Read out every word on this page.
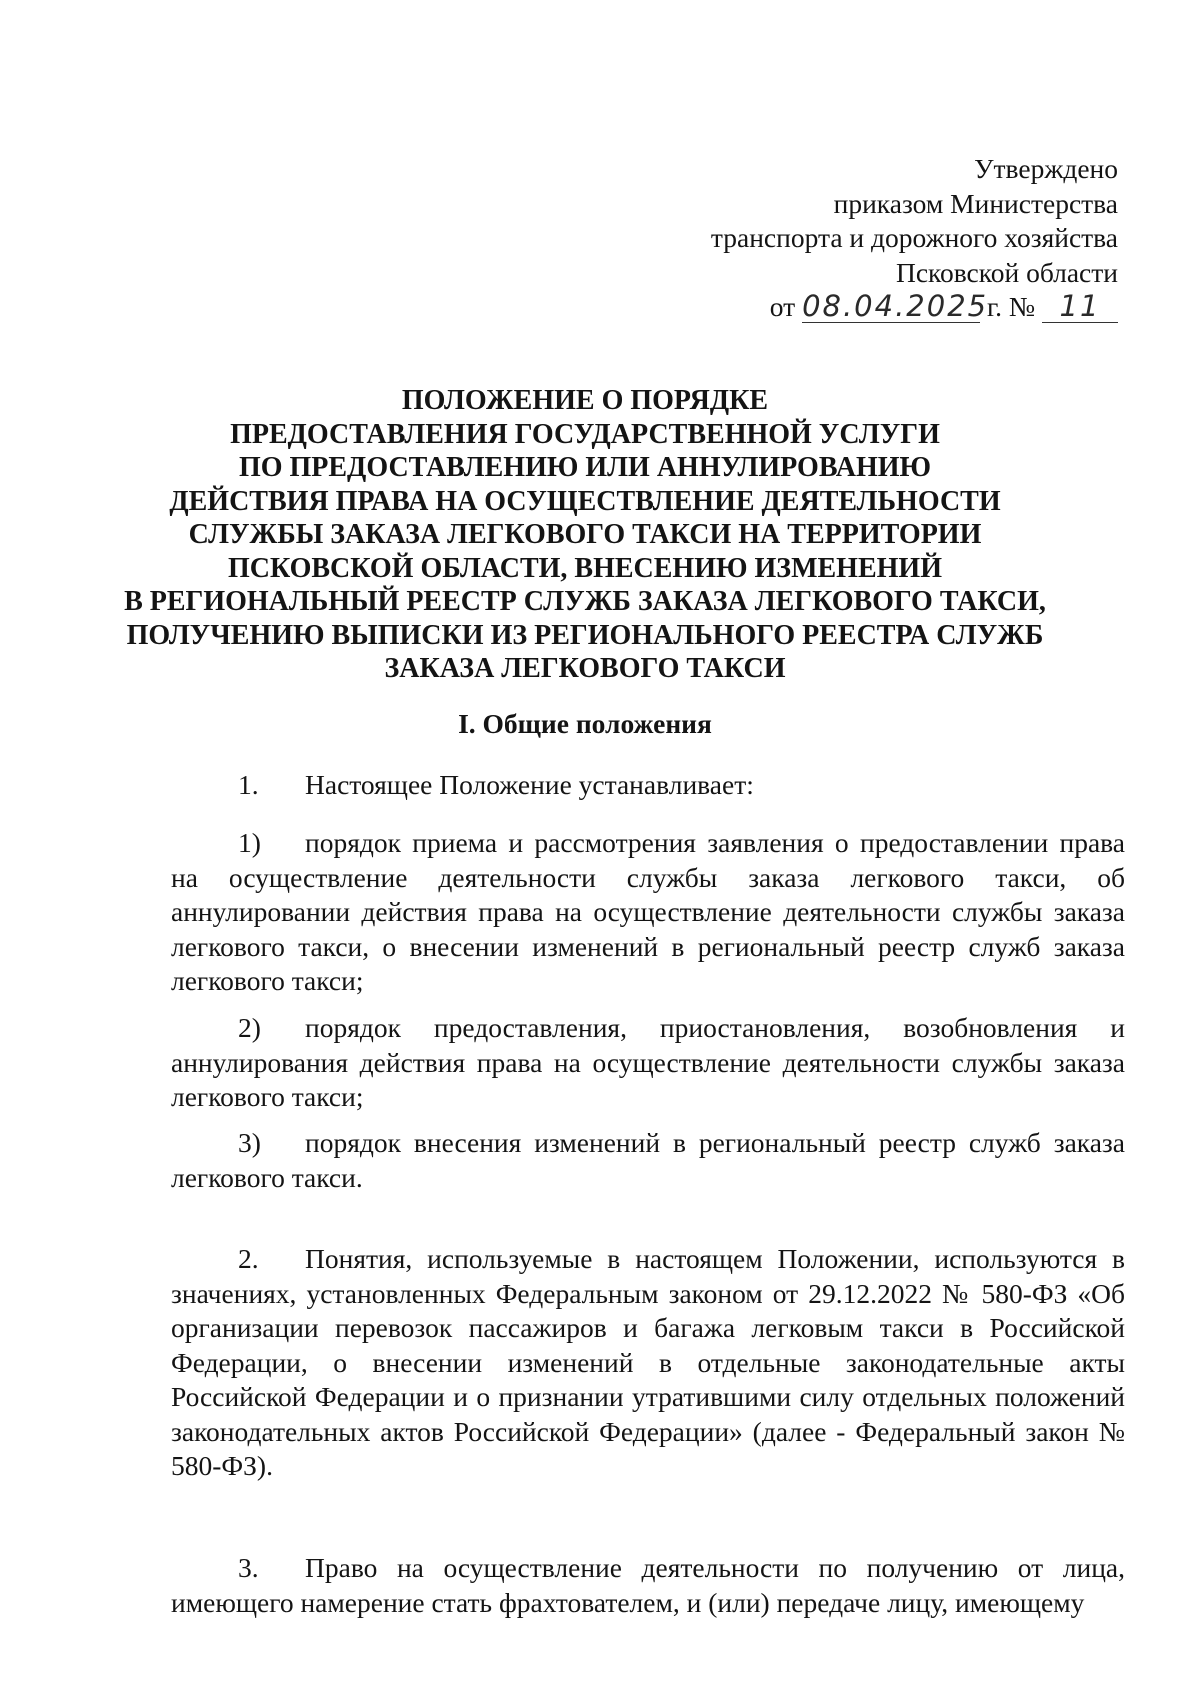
Утверждено
приказом Министерства
транспорта и дорожного хозяйства
Псковской области
от 08.04.2025 г. № 11
ПОЛОЖЕНИЕ О ПОРЯДКЕ
ПРЕДОСТАВЛЕНИЯ ГОСУДАРСТВЕННОЙ УСЛУГИ
ПО ПРЕДОСТАВЛЕНИЮ ИЛИ АННУЛИРОВАНИЮ
ДЕЙСТВИЯ ПРАВА НА ОСУЩЕСТВЛЕНИЕ ДЕЯТЕЛЬНОСТИ
СЛУЖБЫ ЗАКАЗА ЛЕГКОВОГО ТАКСИ НА ТЕРРИТОРИИ
ПСКОВСКОЙ ОБЛАСТИ, ВНЕСЕНИЮ ИЗМЕНЕНИЙ
В РЕГИОНАЛЬНЫЙ РЕЕСТР СЛУЖБ ЗАКАЗА ЛЕГКОВОГО ТАКСИ,
ПОЛУЧЕНИЮ ВЫПИСКИ ИЗ РЕГИОНАЛЬНОГО РЕЕСТРА СЛУЖБ
ЗАКАЗА ЛЕГКОВОГО ТАКСИ
I. Общие положения

1. Настоящее Положение устанавливает:

1) порядок приема и рассмотрения заявления о предоставлении права на осуществление деятельности службы заказа легкового такси, об аннулировании действия права на осуществление деятельности службы заказа легкового такси, о внесении изменений в региональный реестр служб заказа легкового такси;

2) порядок предоставления, приостановления, возобновления и аннулирования действия права на осуществление деятельности службы заказа легкового такси;

3) порядок внесения изменений в региональный реестр служб заказа легкового такси.

2. Понятия, используемые в настоящем Положении, используются в значениях, установленных Федеральным законом от 29.12.2022 № 580-ФЗ «Об организации перевозок пассажиров и багажа легковым такси в Российской Федерации, о внесении изменений в отдельные законодательные акты Российской Федерации и о признании утратившими силу отдельных положений законодательных актов Российской Федерации» (далее - Федеральный закон № 580-ФЗ).

3. Право на осуществление деятельности по получению от лица, имеющего намерение стать фрахтователем, и (или) передаче лицу, имеющему
